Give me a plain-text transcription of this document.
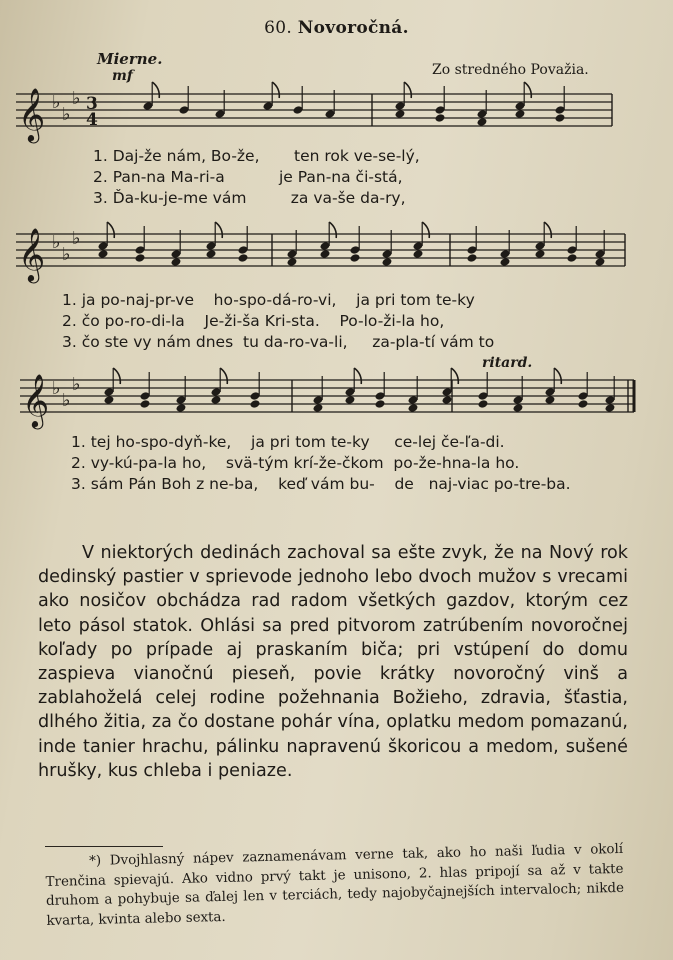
60. Novoročná.
Mierne.
mf	Zo stredného Považia.
𝄞 ♭
♭
♭ 3
4
1. Daj-že nám, Bo-že,       ten rok ve-se-lý,
2. Pan-na Ma-ri-a           je Pan-na či-stá,
3. Ďa-ku-je-me vám         za va-še da-ry,
𝄞 ♭
♭
♭
1. ja po-naj-pr-ve    ho-spo-dá-ro-vi,    ja pri tom te-ky
2. čo po-ro-di-la    Je-ži-ša Kri-sta.    Po-lo-ži-la ho,
3. čo ste vy nám dnes  tu da-ro-va-li,     za-pla-tí vám to
ritard.
𝄞 ♭
♭
♭
1. tej ho-spo-dyň-ke,    ja pri tom te-ky     ce-lej če-ľa-di.
2. vy-kú-pa-la ho,    svä-tým krí-že-čkom  po-že-hna-la ho.
3. sám Pán Boh z ne-ba,    keď vám bu-    de   naj-viac po-tre-ba.
V niektorých dedinách zachoval sa ešte zvyk, že na Nový rok dedinský pastier v sprievode jednoho lebo dvoch mužov s vrecami ako nosičov obchádza rad radom všetkých gazdov, ktorým cez leto pásol statok. Ohlási sa pred pitvorom zatrúbením novoročnej koľady po prípade aj praskaním biča; pri vstúpení do domu zaspieva vianočnú pieseň, povie krátky novoročný vinš a zablahoželá celej rodine požehnania Božieho, zdravia, šťastia, dlhého žitia, za čo dostane pohár vína, oplatku medom pomazanú, inde tanier hrachu, pálinku napravenú škoricou a medom, sušené hrušky, kus chleba i peniaze.
*) Dvojhlasný nápev zaznamenávam verne tak, ako ho naši ľudia v okolí Trenčina spievajú. Ako vidno prvý takt je unisono, 2. hlas pripojí sa až v takte druhom a pohybuje sa ďalej len v terciách, tedy najobyčajnejších intervaloch; nikde kvarta, kvinta alebo sexta.
